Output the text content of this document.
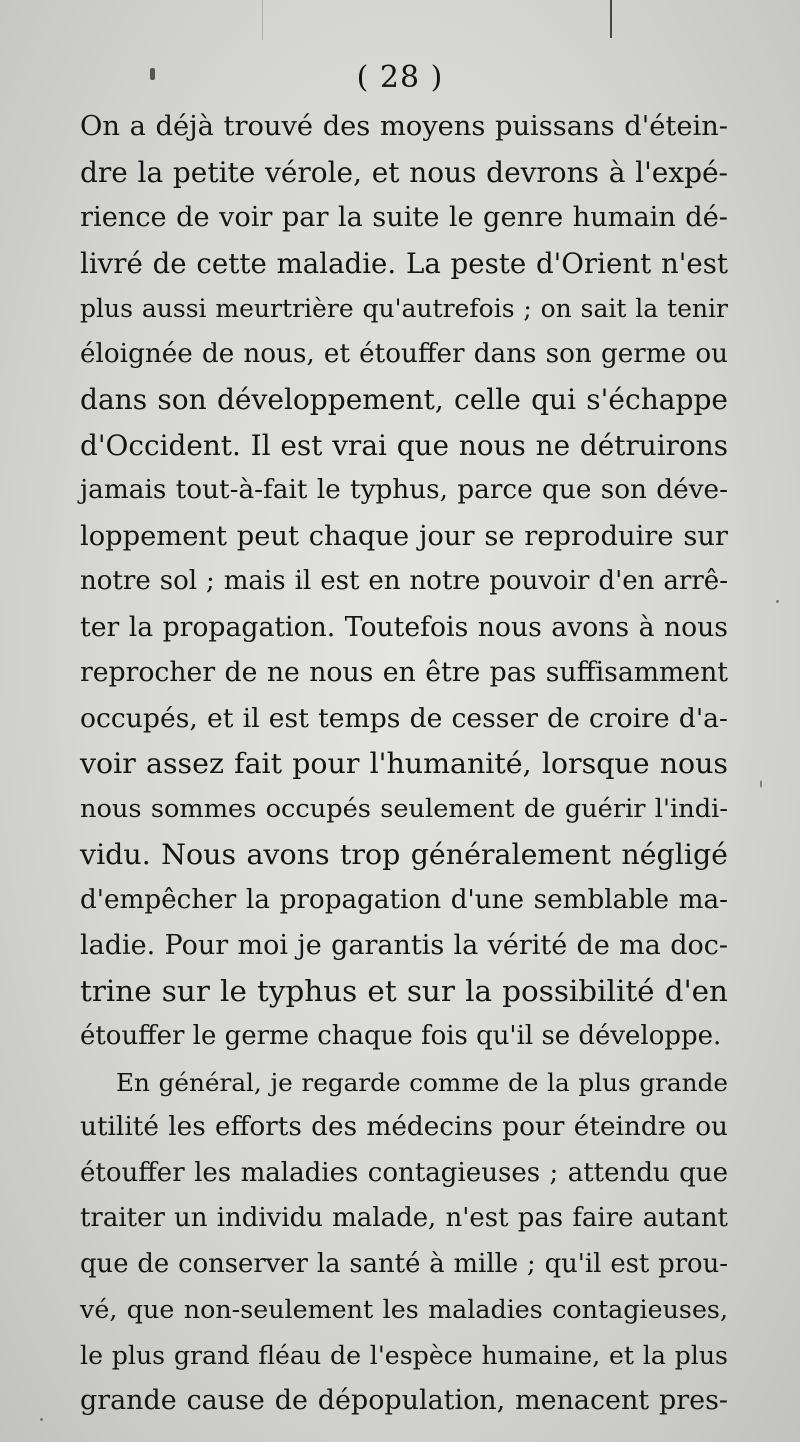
( 28 )
On a déjà trouvé des moyens puissans d'étein-
dre la petite vérole, et nous devrons à l'expé-
rience de voir par la suite le genre humain dé-
livré de cette maladie. La peste d'Orient n'est
plus aussi meurtrière qu'autrefois ; on sait la tenir
éloignée de nous, et étouffer dans son germe ou
dans son développement, celle qui s'échappe
d'Occident. Il est vrai que nous ne détruirons
jamais tout-à-fait le typhus, parce que son déve-
loppement peut chaque jour se reproduire sur
notre sol ; mais il est en notre pouvoir d'en arrê-
ter la propagation. Toutefois nous avons à nous
reprocher de ne nous en être pas suffisamment
occupés, et il est temps de cesser de croire d'a-
voir assez fait pour l'humanité, lorsque nous
nous sommes occupés seulement de guérir l'indi-
vidu. Nous avons trop généralement négligé
d'empêcher la propagation d'une semblable ma-
ladie. Pour moi je garantis la vérité de ma doc-
trine sur le typhus et sur la possibilité d'en
étouffer le germe chaque fois qu'il se développe.
En général, je regarde comme de la plus grande
utilité les efforts des médecins pour éteindre ou
étouffer les maladies contagieuses ; attendu que
traiter un individu malade, n'est pas faire autant
que de conserver la santé à mille ; qu'il est prou-
vé, que non-seulement les maladies contagieuses,
le plus grand fléau de l'espèce humaine, et la plus
grande cause de dépopulation, menacent pres-
